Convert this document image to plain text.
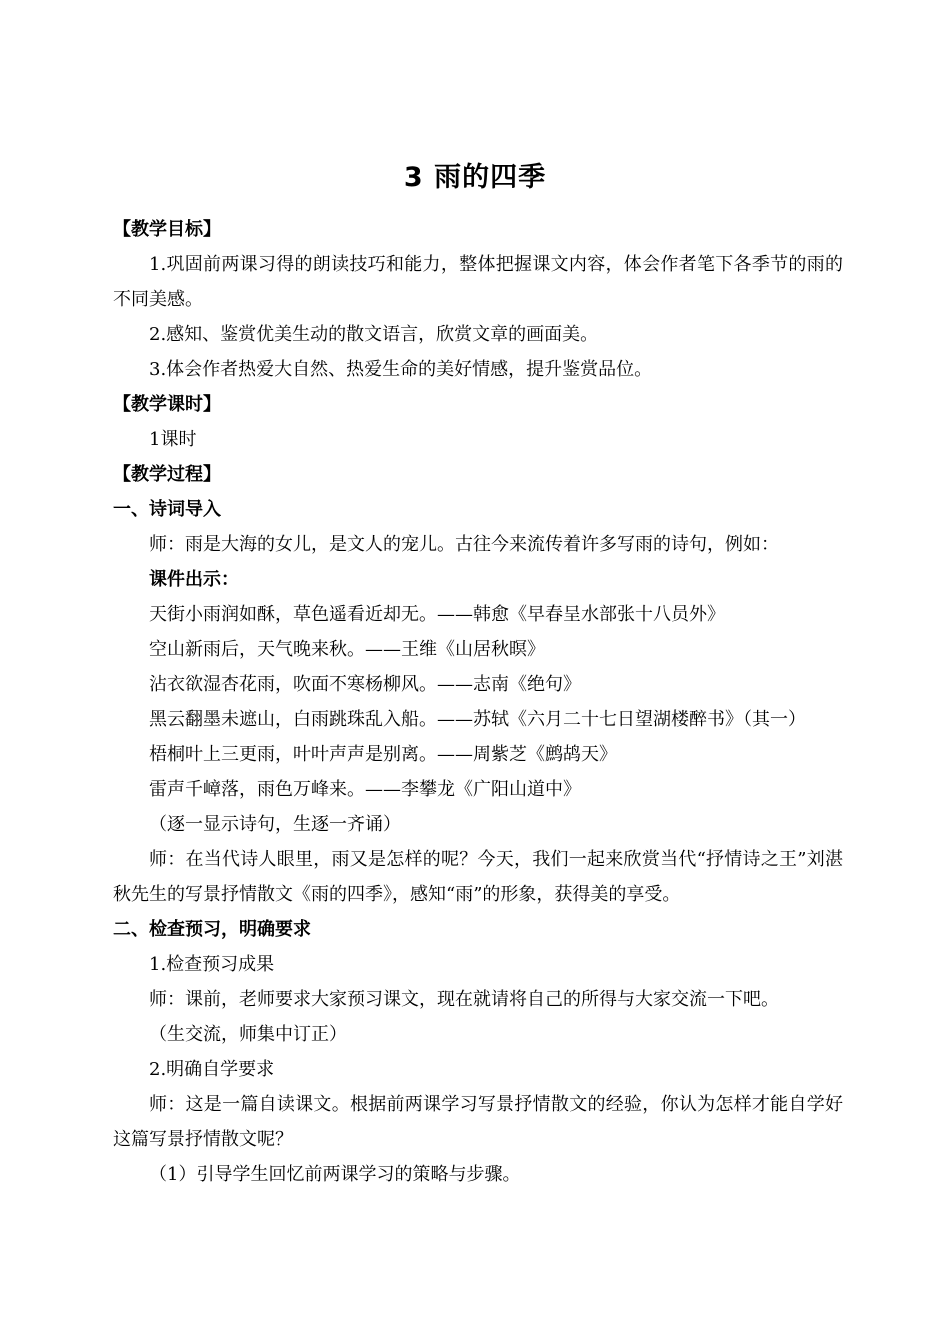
3 雨的四季

【教学目标】

1.巩固前两课习得的朗读技巧和能力，整体把握课文内容，体会作者笔下各季节的雨的不同美感。

2.感知、鉴赏优美生动的散文语言，欣赏文章的画面美。

3.体会作者热爱大自然、热爱生命的美好情感，提升鉴赏品位。

【教学课时】

1课时

【教学过程】

一、诗词导入

师：雨是大海的女儿，是文人的宠儿。古往今来流传着许多写雨的诗句，例如：

课件出示：

天街小雨润如酥，草色遥看近却无。——韩愈《早春呈水部张十八员外》

空山新雨后，天气晚来秋。——王维《山居秋暝》

沾衣欲湿杏花雨，吹面不寒杨柳风。——志南《绝句》

黑云翻墨未遮山，白雨跳珠乱入船。——苏轼《六月二十七日望湖楼醉书》（其一）

梧桐叶上三更雨，叶叶声声是别离。——周紫芝《鹧鸪天》

雷声千嶂落，雨色万峰来。——李攀龙《广阳山道中》

（逐一显示诗句，生逐一齐诵）

师：在当代诗人眼里，雨又是怎样的呢？今天，我们一起来欣赏当代“抒情诗之王”刘湛秋先生的写景抒情散文《雨的四季》，感知“雨”的形象，获得美的享受。

二、检查预习，明确要求

1.检查预习成果

师：课前，老师要求大家预习课文，现在就请将自己的所得与大家交流一下吧。

（生交流，师集中订正）

2.明确自学要求

师：这是一篇自读课文。根据前两课学习写景抒情散文的经验，你认为怎样才能自学好这篇写景抒情散文呢？

（1）引导学生回忆前两课学习的策略与步骤。
